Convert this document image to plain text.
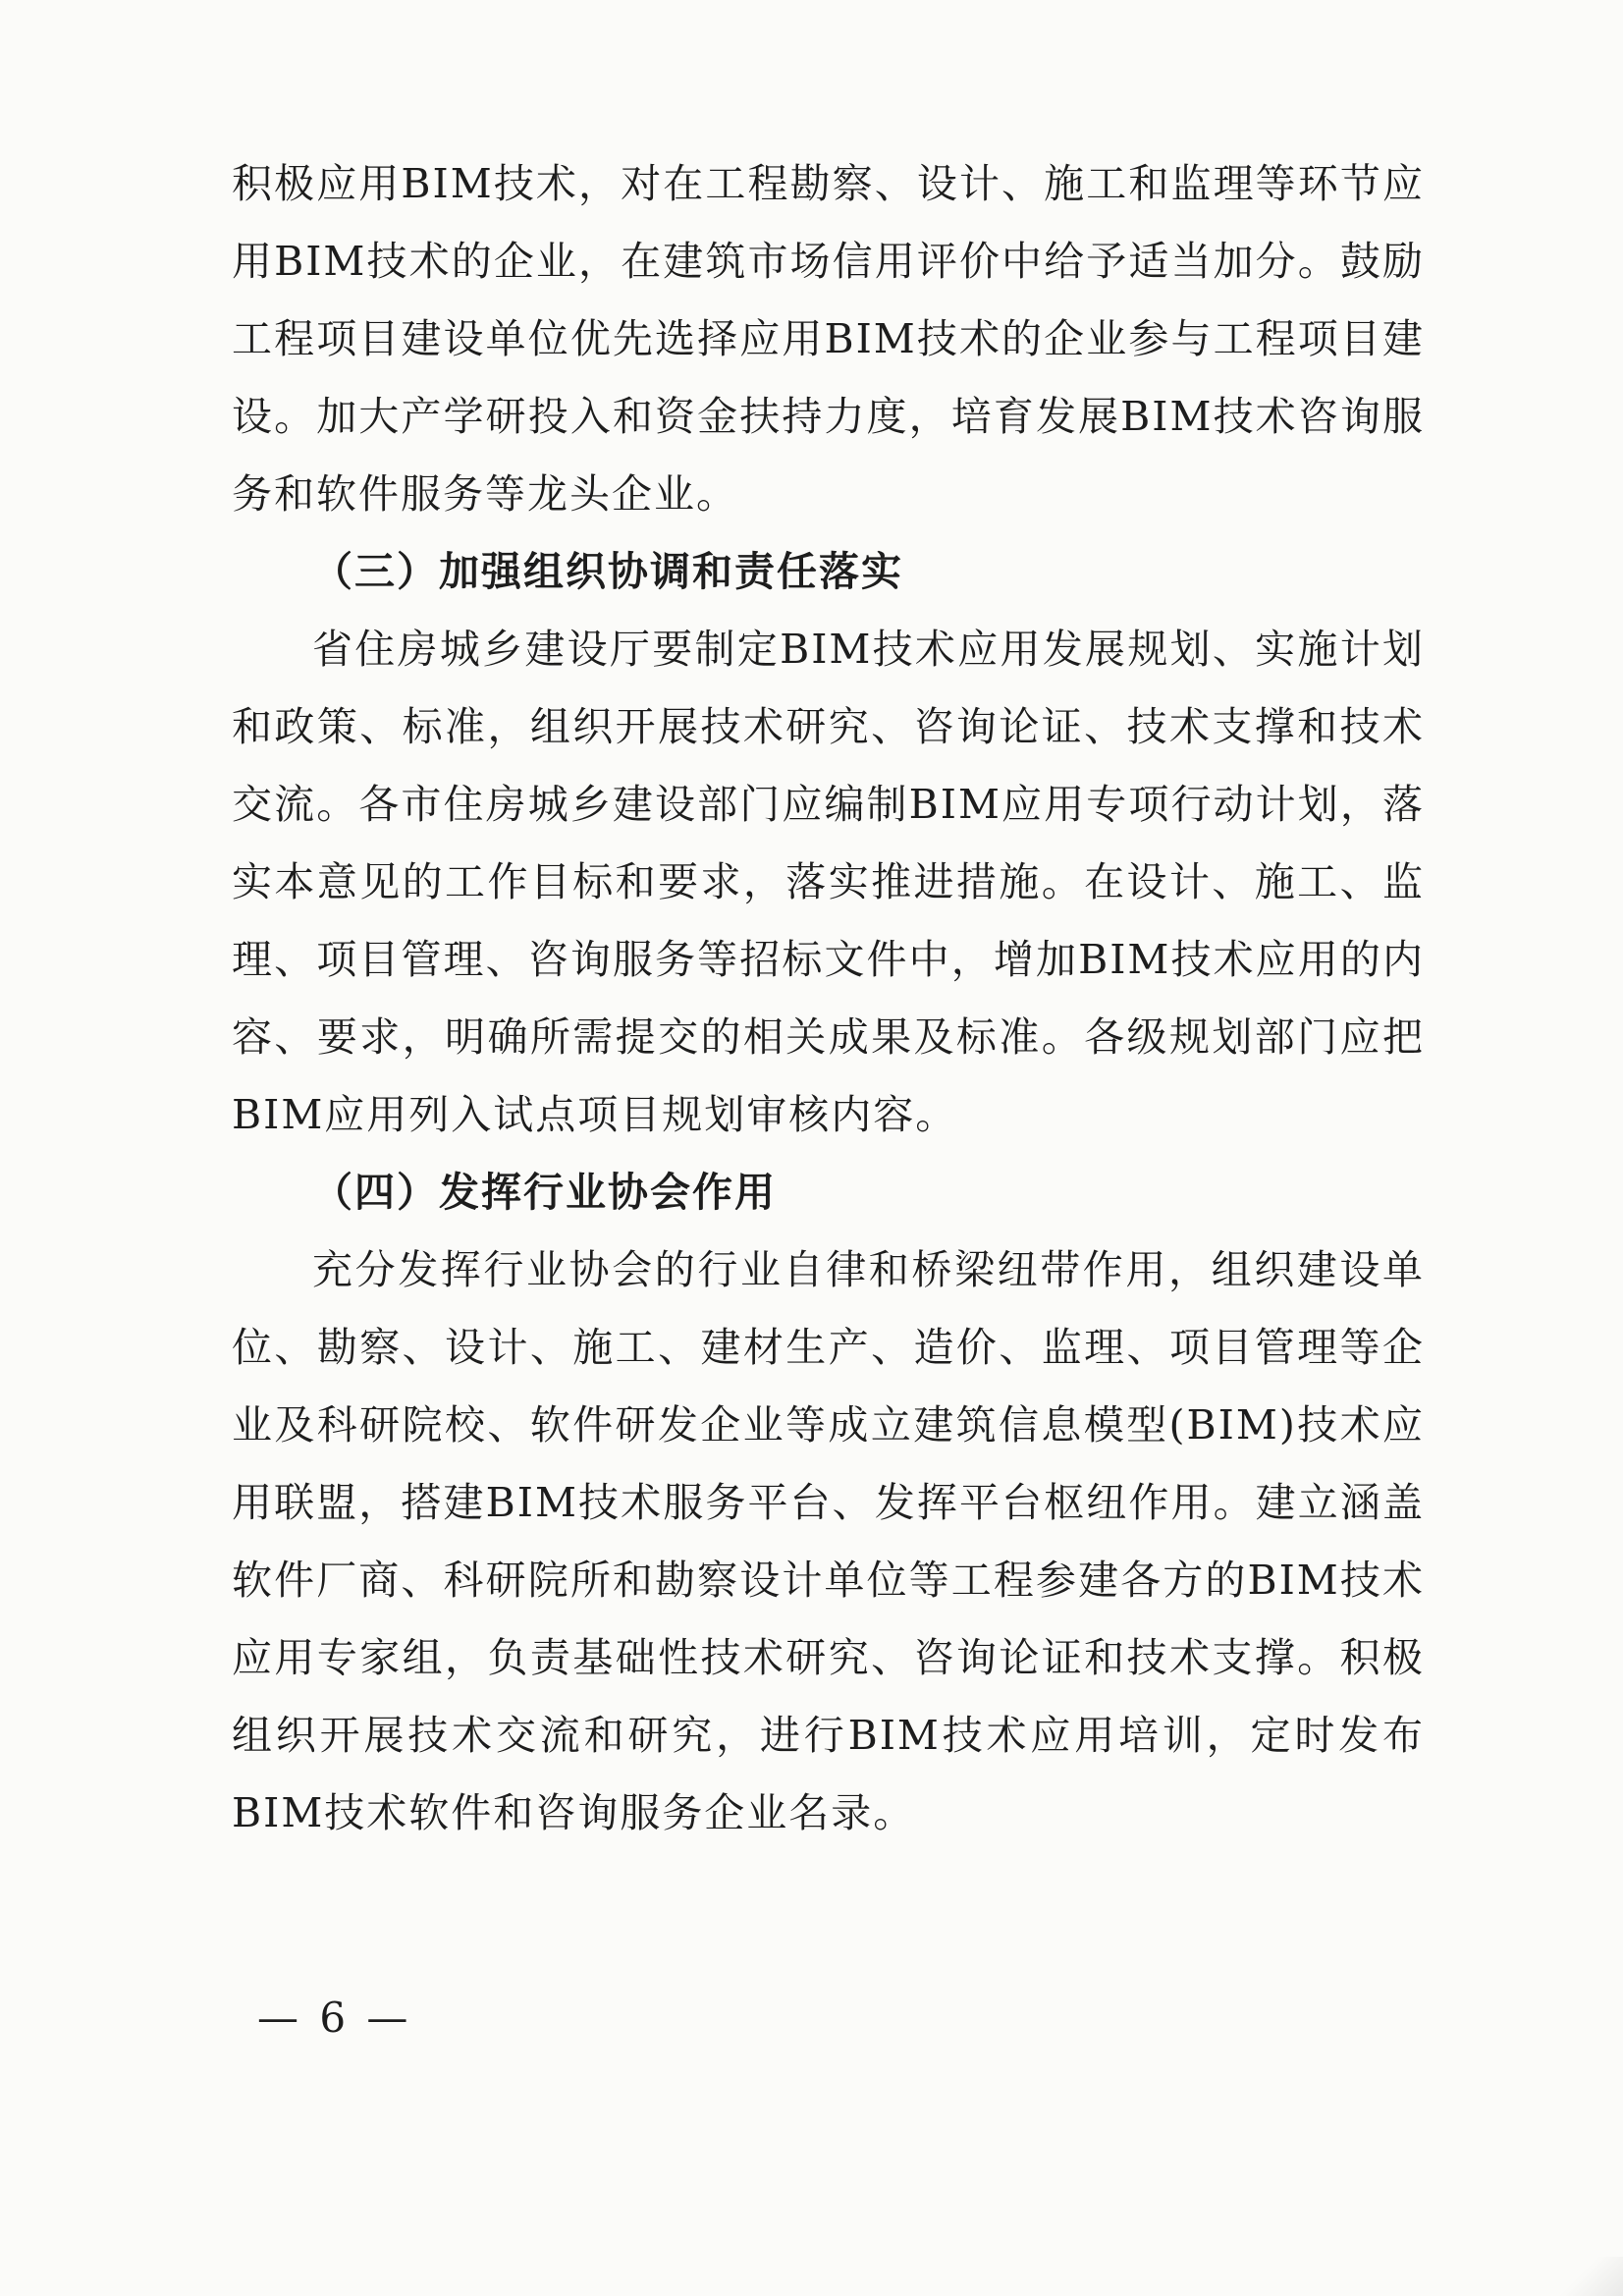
积极应用BIM技术，对在工程勘察、设计、施工和监理等环节应用BIM技术的企业，在建筑市场信用评价中给予适当加分。鼓励工程项目建设单位优先选择应用BIM技术的企业参与工程项目建设。加大产学研投入和资金扶持力度，培育发展BIM技术咨询服务和软件服务等龙头企业。

（三）加强组织协调和责任落实

省住房城乡建设厅要制定BIM技术应用发展规划、实施计划和政策、标准，组织开展技术研究、咨询论证、技术支撑和技术交流。各市住房城乡建设部门应编制BIM应用专项行动计划，落实本意见的工作目标和要求，落实推进措施。在设计、施工、监理、项目管理、咨询服务等招标文件中，增加BIM技术应用的内容、要求，明确所需提交的相关成果及标准。各级规划部门应把BIM应用列入试点项目规划审核内容。

（四）发挥行业协会作用

充分发挥行业协会的行业自律和桥梁纽带作用，组织建设单位、勘察、设计、施工、建材生产、造价、监理、项目管理等企业及科研院校、软件研发企业等成立建筑信息模型(BIM)技术应用联盟，搭建BIM技术服务平台、发挥平台枢纽作用。建立涵盖软件厂商、科研院所和勘察设计单位等工程参建各方的BIM技术应用专家组，负责基础性技术研究、咨询论证和技术支撑。积极组织开展技术交流和研究，进行BIM技术应用培训，定时发布BIM技术软件和咨询服务企业名录。

— 6 —
